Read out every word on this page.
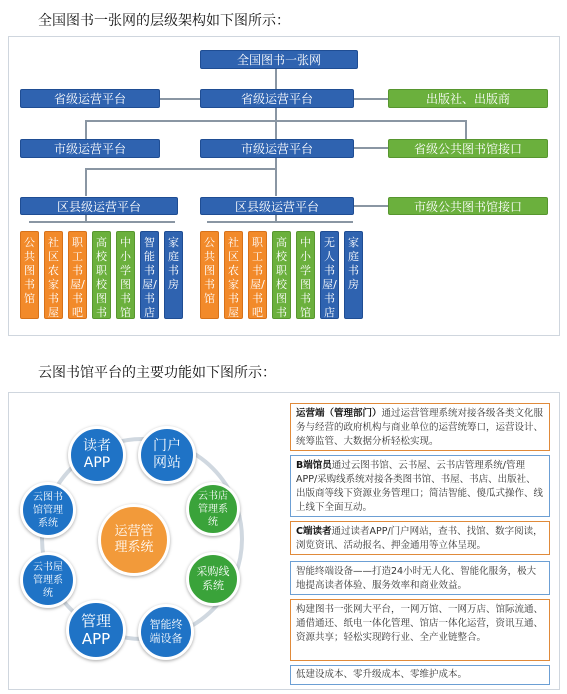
全国图书一张网的层级架构如下图所示：
全国图书一张网
省级运营平台	省级运营平台	出版社、出版商
市级运营平台	市级运营平台	省级公共图书馆接口
区县级运营平台	区县级运营平台	市级公共图书馆接口
公共图书馆
社区农家书屋
职工书屋/书吧
高校职校图书馆
中小学图书馆
智能书屋/书店
家庭书房
公共图书馆
社区农家书屋
职工书屋/书吧
高校职校图书馆
中小学图书馆
无人书屋/书店
家庭书房
云图书馆平台的主要功能如下图所示：
运营管理系统
读者APP
门户网站
云书店管理系统
采购线系统
智能终端设备
管理APP
云书屋管理系统
云图书馆管理系统
运营端（管理部门）通过运营管理系统对接各级各类文化服务与经营的政府机构与商业单位的运营统筹口，运营设计、统筹监管、大数据分析轻松实现。
B端馆员通过云图书馆、云书屋、云书店管理系统/管理APP/采购线系统对接各类图书馆、书屋、书店、出版社、出版商等线下资源业务管理口；简洁智能、傻瓜式操作、线上线下全面互动。
C端读者通过读者APP/门户网站，查书、找馆、数字阅读，浏览资讯、活动报名、押金通用等立体呈现。
智能终端设备——打造24小时无人化、智能化服务，极大地提高读者体验、服务效率和商业效益。
构建图书一张网大平台，一网万馆、一网万店、馆际流通、通借通还、纸电一体化管理、馆店一体化运营，资讯互通、资源共享；轻松实现跨行业、全产业链整合。
低建设成本、零升级成本、零维护成本。
